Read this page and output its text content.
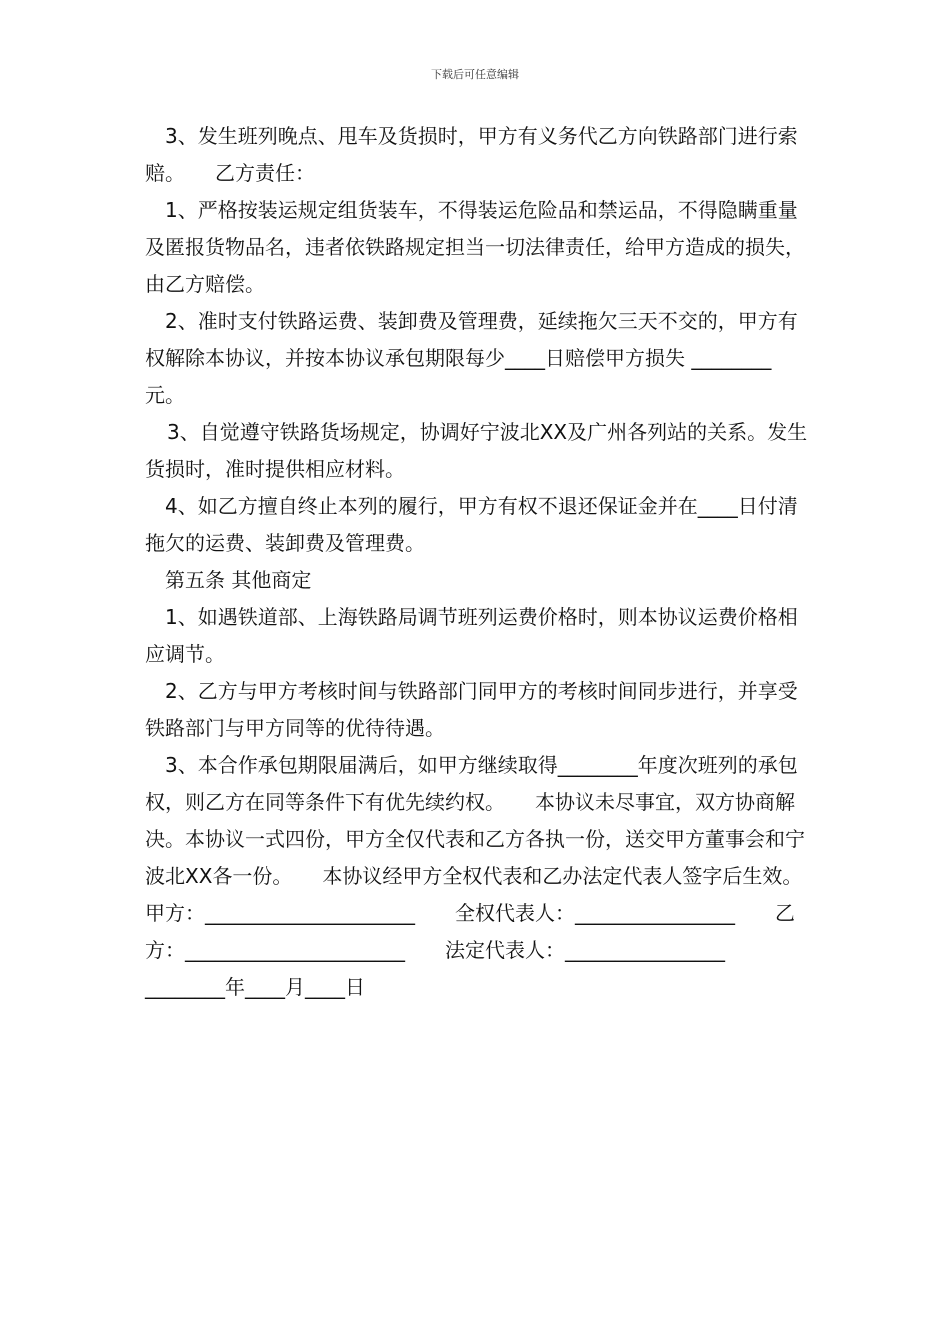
下载后可任意编辑

3、发生班列晚点、甩车及货损时，甲方有义务代乙方向铁路部门进行索赔。　　乙方责任：

1、严格按装运规定组货装车，不得装运危险品和禁运品，不得隐瞒重量及匿报货物品名，违者依铁路规定担当一切法律责任，给甲方造成的损失，由乙方赔偿。

2、准时支付铁路运费、装卸费及管理费，延续拖欠三天不交的，甲方有权解除本协议，并按本协议承包期限每少____日赔偿甲方损失 ________元。

3、自觉遵守铁路货场规定，协调好宁波北XX及广州各列站的关系。发生货损时，准时提供相应材料。

4、如乙方擅自终止本列的履行，甲方有权不退还保证金并在____日付清拖欠的运费、装卸费及管理费。

第五条 其他商定

1、如遇铁道部、上海铁路局调节班列运费价格时，则本协议运费价格相应调节。

2、乙方与甲方考核时间与铁路部门同甲方的考核时间同步进行，并享受铁路部门与甲方同等的优待待遇。

3、本合作承包期限届满后，如甲方继续取得________年度次班列的承包权，则乙方在同等条件下有优先续约权。　　本协议未尽事宜，双方协商解决。本协议一式四份，甲方全仅代表和乙方各执一份，送交甲方董事会和宁波北XX各一份。　　本协议经甲方全权代表和乙办法定代表人签字后生效。　　甲方：_____________________　　全权代表人：________________　　乙方：______________________　　法定代表人：________________　　________年____月____日
